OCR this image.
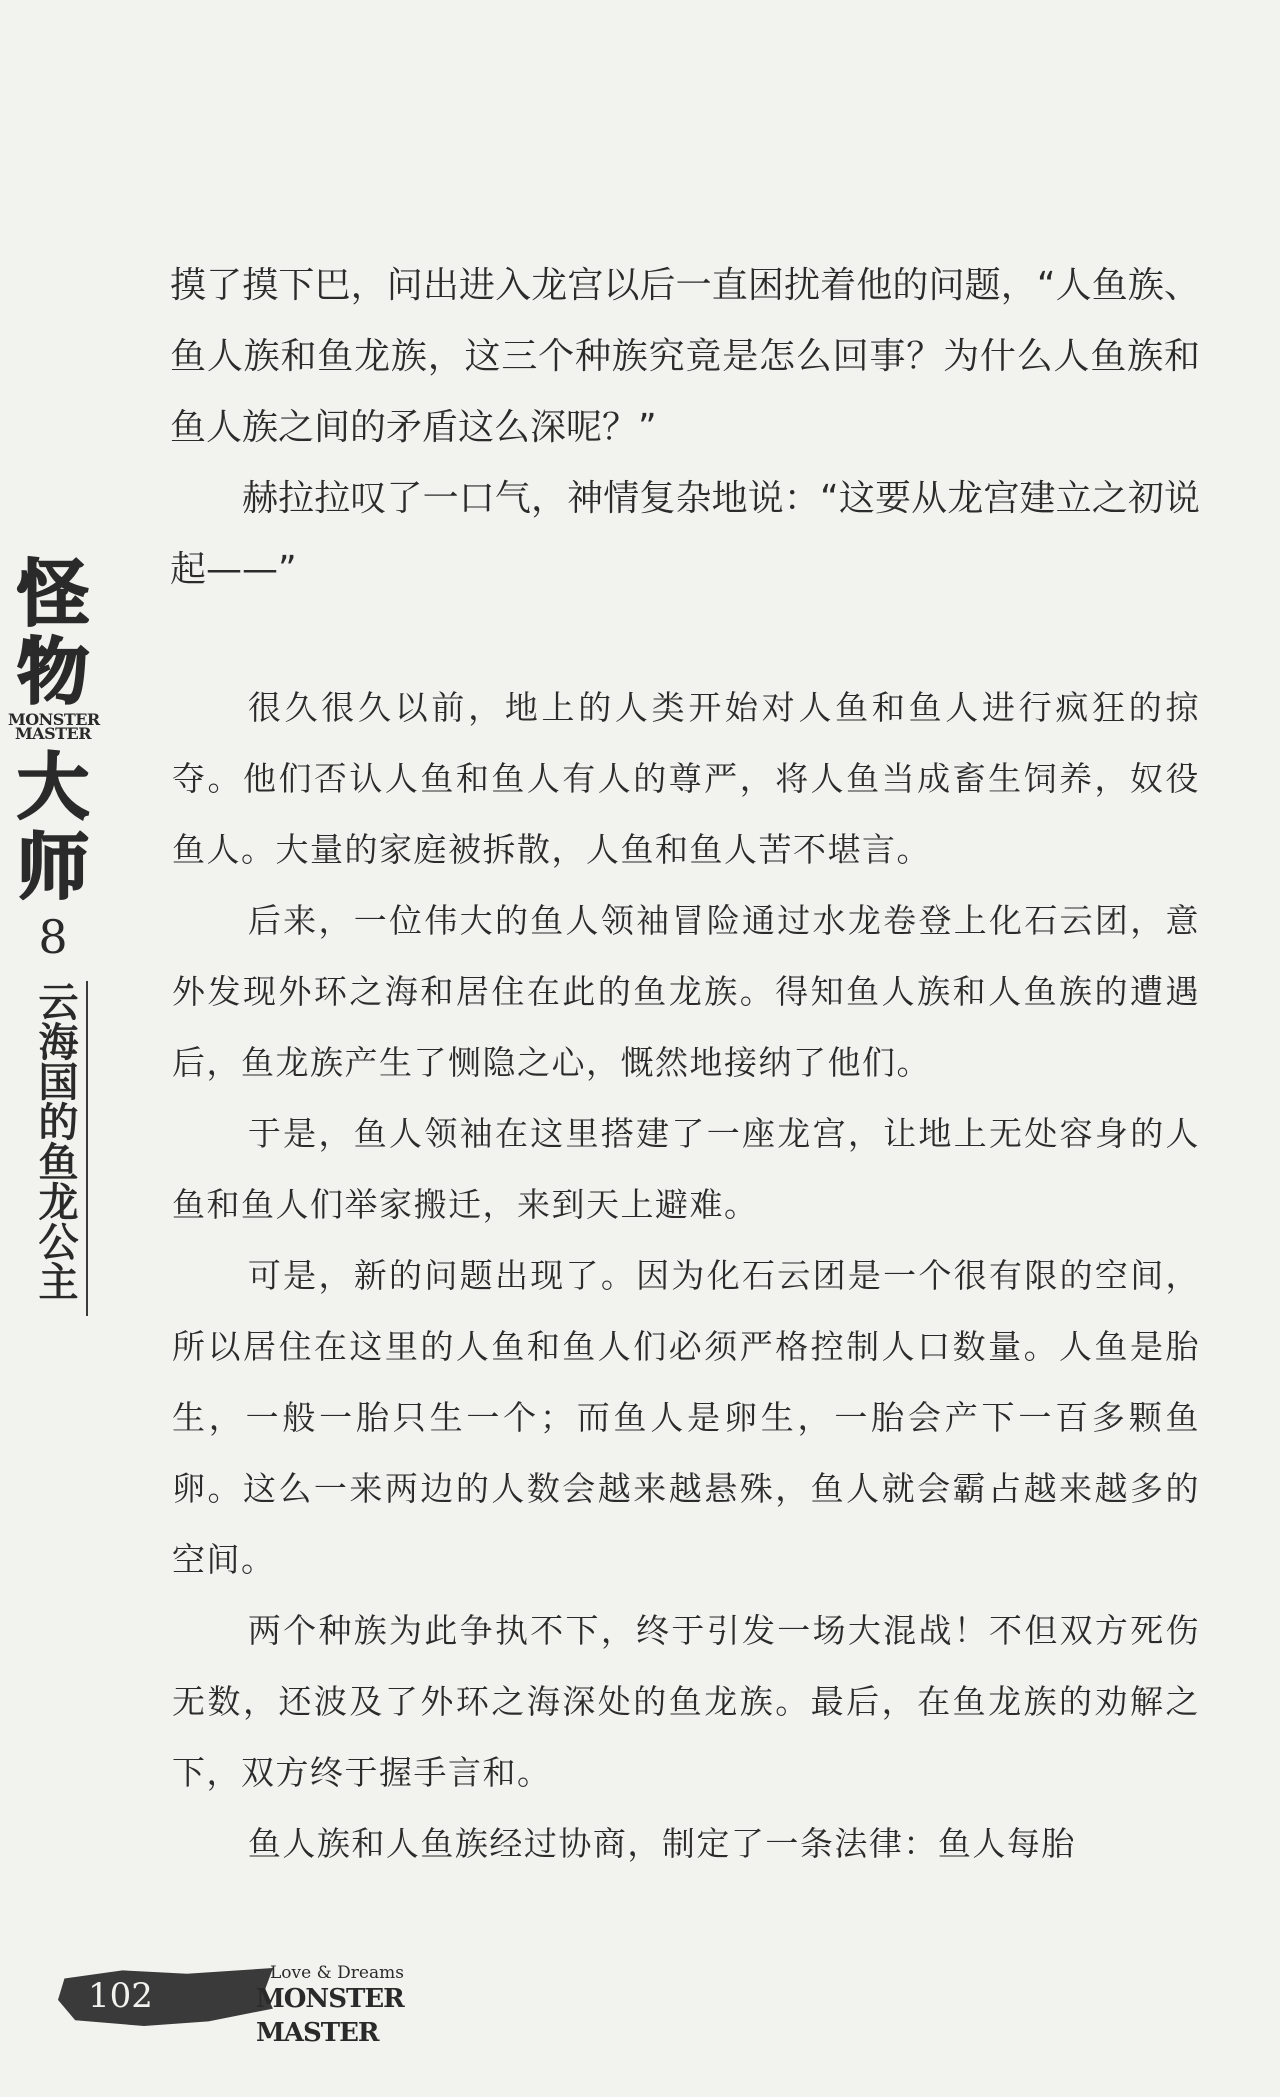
怪物
MONSTER
MASTER
大师
8
云海国的鱼龙公主

摸了摸下巴，问出进入龙宫以后一直困扰着他的问题，“人鱼族、鱼人族和鱼龙族，这三个种族究竟是怎么回事？为什么人鱼族和鱼人族之间的矛盾这么深呢？”

赫拉拉叹了一口气，神情复杂地说：“这要从龙宫建立之初说起——”

很久很久以前，地上的人类开始对人鱼和鱼人进行疯狂的掠夺。他们否认人鱼和鱼人有人的尊严，将人鱼当成畜生饲养，奴役鱼人。大量的家庭被拆散，人鱼和鱼人苦不堪言。

后来，一位伟大的鱼人领袖冒险通过水龙卷登上化石云团，意外发现外环之海和居住在此的鱼龙族。得知鱼人族和人鱼族的遭遇后，鱼龙族产生了恻隐之心，慨然地接纳了他们。

于是，鱼人领袖在这里搭建了一座龙宫，让地上无处容身的人鱼和鱼人们举家搬迁，来到天上避难。

可是，新的问题出现了。因为化石云团是一个很有限的空间，所以居住在这里的人鱼和鱼人们必须严格控制人口数量。人鱼是胎生，一般一胎只生一个；而鱼人是卵生，一胎会产下一百多颗鱼卵。这么一来两边的人数会越来越悬殊，鱼人就会霸占越来越多的空间。

两个种族为此争执不下，终于引发一场大混战！不但双方死伤无数，还波及了外环之海深处的鱼龙族。最后，在鱼龙族的劝解之下，双方终于握手言和。

鱼人族和人鱼族经过协商，制定了一条法律：鱼人每胎

102
Love & Dreams
MONSTER MASTER
